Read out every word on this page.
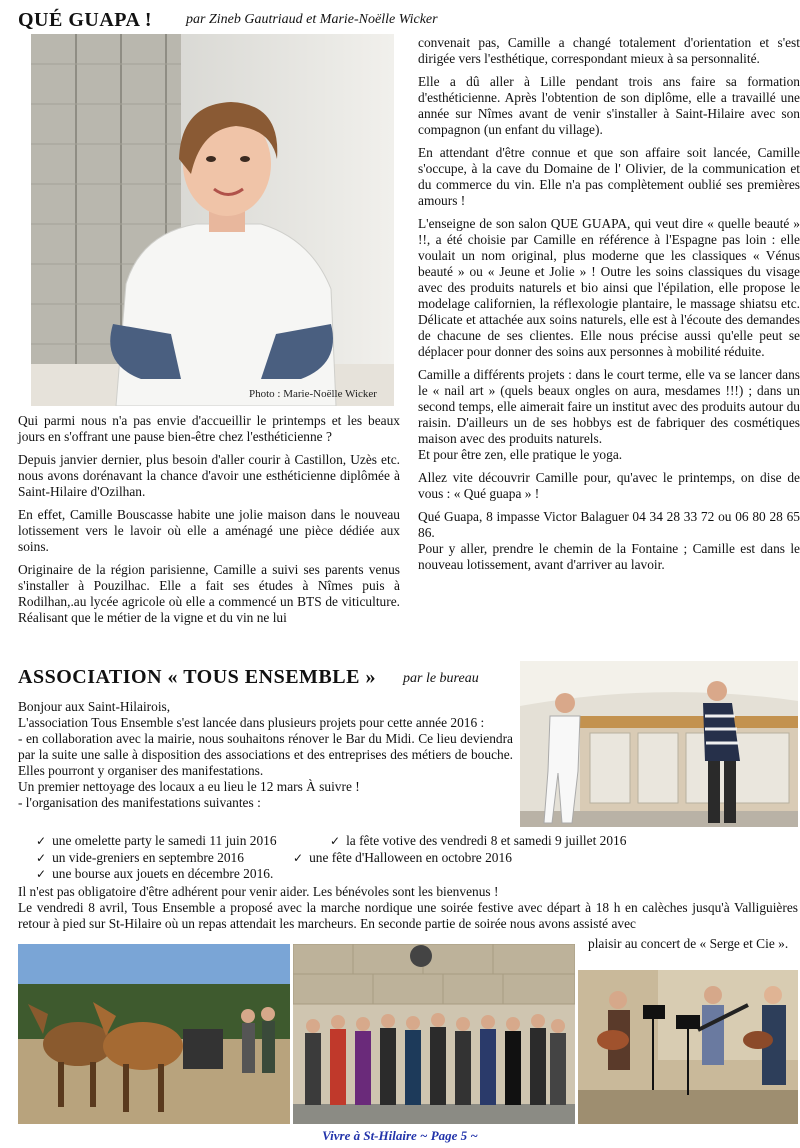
QUÉ GUAPA ! par Zineb Gautriaud et Marie-Noëlle Wicker
Photo : Marie-Noëlle Wicker

Qui parmi nous n'a pas envie d'accueillir le printemps et les beaux jours en s'offrant une pause bien-être chez l'esthéticienne ?

Depuis janvier dernier, plus besoin d'aller courir à Castillon, Uzès etc. nous avons dorénavant la chance d'avoir une esthéticienne diplômée à Saint-Hilaire d'Ozilhan.

En effet, Camille Bouscasse habite une jolie maison dans le nouveau lotissement vers le lavoir où elle a aménagé une pièce dédiée aux soins.

Originaire de la région parisienne, Camille a suivi ses parents venus s'installer à Pouzilhac. Elle a fait ses études à Nîmes puis à Rodilhan,.au lycée agricole où elle a commencé un BTS de viticulture. Réalisant que le métier de la vigne et du vin ne lui

convenait pas, Camille a changé totalement d'orientation et s'est dirigée vers l'esthétique, correspondant mieux à sa personnalité.

Elle a dû aller à Lille pendant trois ans faire sa formation d'esthéticienne. Après l'obtention de son diplôme, elle a travaillé une année sur Nîmes avant de venir s'installer à Saint-Hilaire avec son compagnon (un enfant du village).

En attendant d'être connue et que son affaire soit lancée, Camille s'occupe, à la cave du Domaine de l' Olivier, de la communication et du commerce du vin. Elle n'a pas complètement oublié ses premières amours !

L'enseigne de son salon QUE GUAPA, qui veut dire « quelle beauté » !!, a été choisie par Camille en référence à l'Espagne pas loin : elle voulait un nom original, plus moderne que les classiques « Vénus beauté » ou « Jeune et Jolie » ! Outre les soins classiques du visage avec des produits naturels et bio ainsi que l'épilation, elle propose le modelage californien, la réflexologie plantaire, le massage shiatsu etc. Délicate et attachée aux soins naturels, elle est à l'écoute des demandes de chacune de ses clientes. Elle nous précise aussi qu'elle peut se déplacer pour donner des soins aux personnes à mobilité réduite.

Camille a différents projets : dans le court terme, elle va se lancer dans le « nail art » (quels beaux ongles on aura, mesdames !!!) ; dans un second temps, elle aimerait faire un institut avec des produits autour du raisin. D'ailleurs un de ses hobbys est de fabriquer des cosmétiques maison avec des produits naturels.

Et pour être zen, elle pratique le yoga.

Allez vite découvrir Camille pour, qu'avec le printemps, on dise de vous : « Qué guapa » !

Qué Guapa, 8 impasse Victor Balaguer 04 34 28 33 72 ou 06 80 28 65 86.

Pour y aller, prendre le chemin de la Fontaine ; Camille est dans le nouveau lotissement, avant d'arriver au lavoir.

ASSOCIATION « TOUS ENSEMBLE » par le bureau

Bonjour aux Saint-Hilairois,

L'association Tous Ensemble s'est lancée dans plusieurs projets pour cette année 2016 :

- en collaboration avec la mairie, nous souhaitons rénover le Bar du Midi. Ce lieu deviendra par la suite une salle à disposition des associations et des entreprises des métiers de bouche. Elles pourront y organiser des manifestations.

Un premier nettoyage des locaux a eu lieu le 12 mars À suivre !

- l'organisation des manifestations suivantes :

✓ une omelette party le samedi 11 juin 2016	✓ la fête votive des vendredi 8 et samedi 9 juillet 2016
✓ un vide-greniers en septembre 2016	✓ une fête d'Halloween en octobre 2016
✓ une bourse aux jouets en décembre 2016.

Il n'est pas obligatoire d'être adhérent pour venir aider. Les bénévoles sont les bienvenus !

Le vendredi 8 avril, Tous Ensemble a proposé avec la marche nordique une soirée festive avec départ à 18 h en calèches jusqu'à Valliguières retour à pied sur St-Hilaire où un repas attendait les marcheurs. En seconde partie de soirée nous avons assisté avec

plaisir au concert de « Serge et Cie ».
Vivre à St-Hilaire ~ Page 5 ~
